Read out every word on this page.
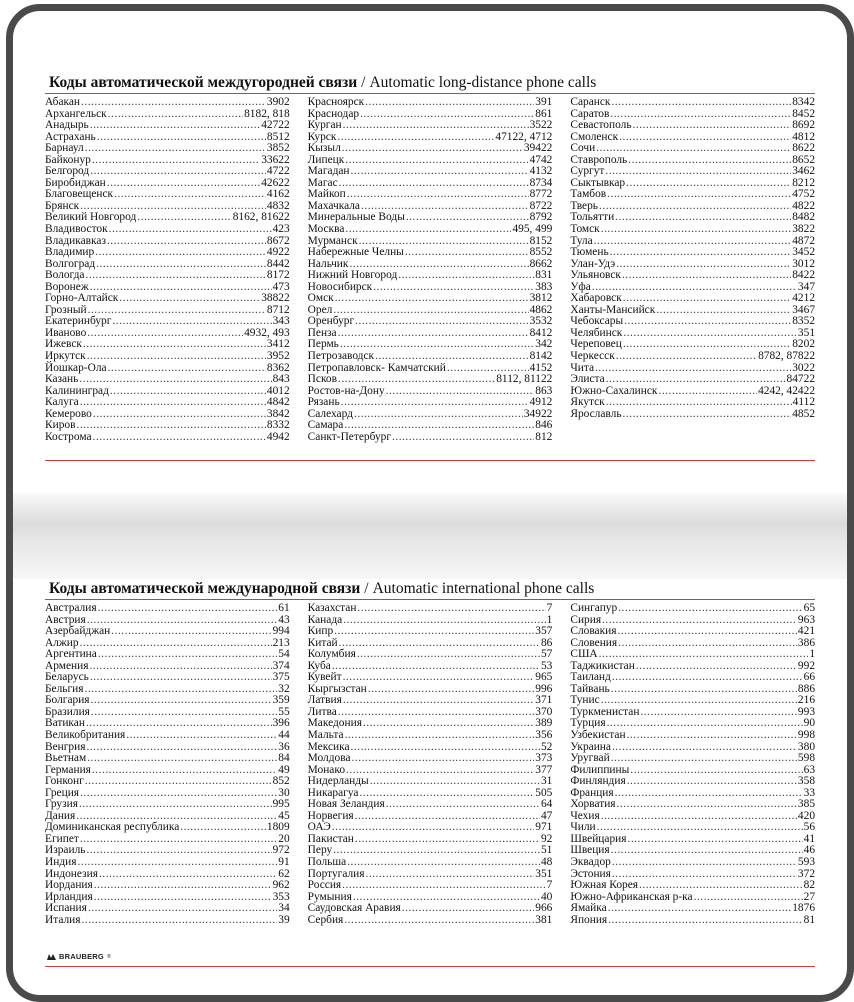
Коды автоматической междугородней связи / Automatic long-distance phone calls
Абакан .....	3902
Архангельск .....	8182, 818
Анадырь .....	42722
Астрахань .....	8512
Барнаул .....	3852
Байконур .....	33622
Белгород .....	4722
Биробиджан .....	42622
Благовещенск .....	4162
Брянск .....	4832
Великий Новгород .....	8162, 81622
Владивосток .....	423
Владикавказ .....	8672
Владимир .....	4922
Волгоград .....	8442
Вологда .....	8172
Воронеж .....	473
Горно-Алтайск .....	38822
Грозный .....	8712
Екатеринбург .....	343
Иваново .....	4932, 493
Ижевск .....	3412
Иркутск .....	3952
Йошкар-Ола .....	8362
Казань .....	843
Калининград .....	4012
Калуга .....	4842
Кемерово .....	3842
Киров .....	8332
Кострома .....	4942
Красноярск .....	391
Краснодар .....	861
Курган .....	3522
Курск .....	47122, 4712
Кызыл .....	39422
Липецк .....	4742
Магадан .....	4132
Магас .....	8734
Майкоп .....	8772
Махачкала .....	8722
Минеральные Воды .....	8792
Москва .....	495, 499
Мурманск .....	8152
Набережные Челны .....	8552
Нальчик .....	8662
Нижний Новгород .....	831
Новосибирск .....	383
Омск .....	3812
Орел .....	4862
Оренбург .....	3532
Пенза .....	8412
Пермь .....	342
Петрозаводск .....	8142
Петропавловск- Камчатский .....	4152
Псков .....	8112, 81122
Ростов-на-Дону .....	863
Рязань .....	4912
Салехард .....	34922
Самара .....	846
Санкт-Петербург .....	812
Саранск .....	8342
Саратов .....	8452
Севастополь .....	8692
Смоленск .....	4812
Сочи .....	8622
Ставрополь .....	8652
Сургут .....	3462
Сыктывкар .....	8212
Тамбов .....	4752
Тверь .....	4822
Тольятти .....	8482
Томск .....	3822
Тула .....	4872
Тюмень .....	3452
Улан-Удэ .....	3012
Ульяновск .....	8422
Уфа .....	347
Хабаровск .....	4212
Ханты-Мансийск .....	3467
Чебоксары .....	8352
Челябинск .....	351
Череповец .....	8202
Черкесск .....	8782, 87822
Чита .....	3022
Элиста .....	84722
Южно-Сахалинск .....	4242, 42422
Якутск .....	4112
Ярославль .....	4852
Коды автоматической международной связи / Automatic international phone calls
Австралия .....	61
Австрия .....	43
Азербайджан .....	994
Алжир .....	213
Аргентина .....	54
Армения .....	374
Беларусь .....	375
Бельгия .....	32
Болгария .....	359
Бразилия .....	55
Ватикан .....	396
Великобритания .....	44
Венгрия .....	36
Вьетнам .....	84
Германия .....	49
Гонконг .....	852
Греция .....	30
Грузия .....	995
Дания .....	45
Доминиканская республика .....	1809
Египет .....	20
Израиль .....	972
Индия .....	91
Индонезия .....	62
Иордания .....	962
Ирландия .....	353
Испания .....	34
Италия .....	39
Казахстан .....	7
Канада .....	1
Кипр .....	357
Китай .....	86
Колумбия .....	57
Куба .....	53
Кувейт .....	965
Кыргызстан .....	996
Латвия .....	371
Литва .....	370
Македония .....	389
Мальта .....	356
Мексика .....	52
Молдова .....	373
Монако .....	377
Нидерланды .....	31
Никарагуа .....	505
Новая Зеландия .....	64
Норвегия .....	47
ОАЭ .....	971
Пакистан .....	92
Перу .....	51
Польша .....	48
Португалия .....	351
Россия .....	7
Румыния .....	40
Саудовская Аравия .....	966
Сербия .....	381
Сингапур .....	65
Сирия .....	963
Словакия .....	421
Словения .....	386
США .....	1
Таджикистан .....	992
Таиланд .....	66
Тайвань .....	886
Тунис .....	216
Туркменистан .....	993
Турция .....	90
Узбекистан .....	998
Украина .....	380
Уругвай .....	598
Филиппины .....	63
Финляндия .....	358
Франция .....	33
Хорватия .....	385
Чехия .....	420
Чили .....	56
Швейцария .....	41
Швеция .....	46
Эквадор .....	593
Эстония .....	372
Южная Корея .....	82
Южно-Африканская р-ка .....	27
Ямайка .....	1876
Япония .....	81
BRAUBERG ®
